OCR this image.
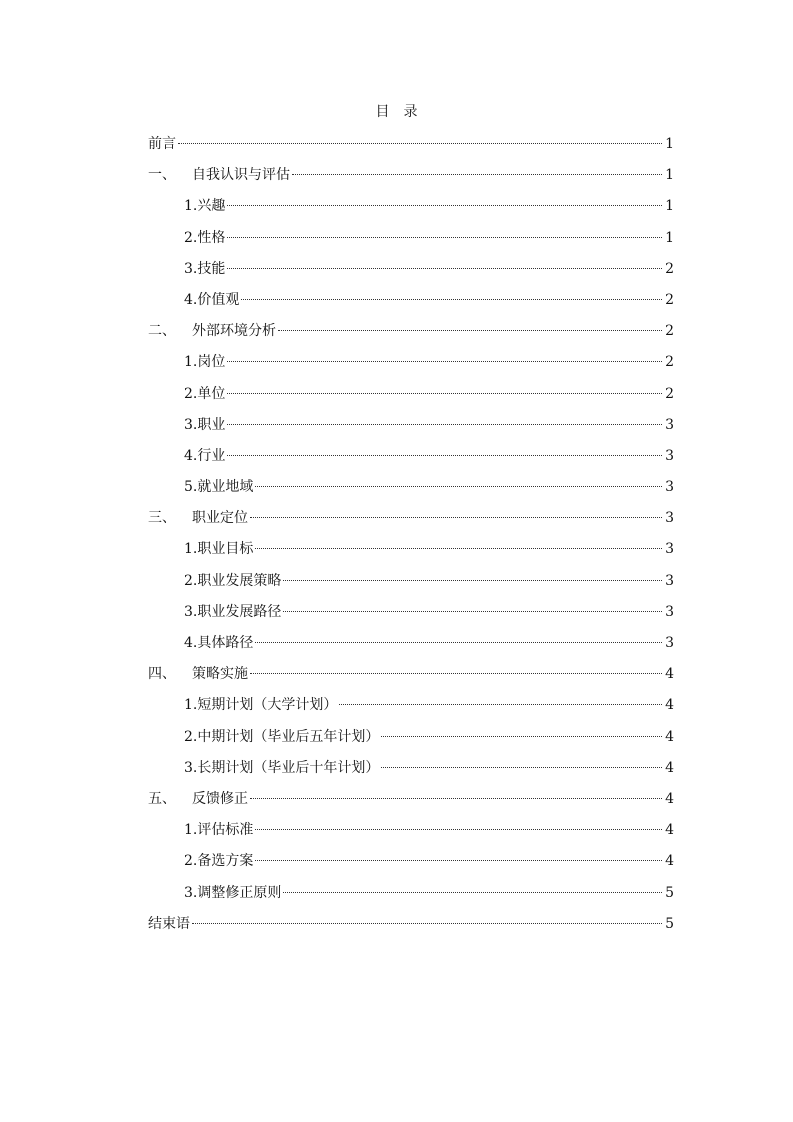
目　录
前言	1
一、 自我认识与评估	1
1.兴趣	1
2.性格	1
3.技能	2
4.价值观	2
二、 外部环境分析	2
1.岗位	2
2.单位	2
3.职业	3
4.行业	3
5.就业地域	3
三、 职业定位	3
1.职业目标	3
2.职业发展策略	3
3.职业发展路径	3
4.具体路径	3
四、 策略实施	4
1.短期计划（大学计划）	4
2.中期计划（毕业后五年计划）	4
3.长期计划（毕业后十年计划）	4
五、 反馈修正	4
1.评估标准	4
2.备选方案	4
3.调整修正原则	5
结束语	5
